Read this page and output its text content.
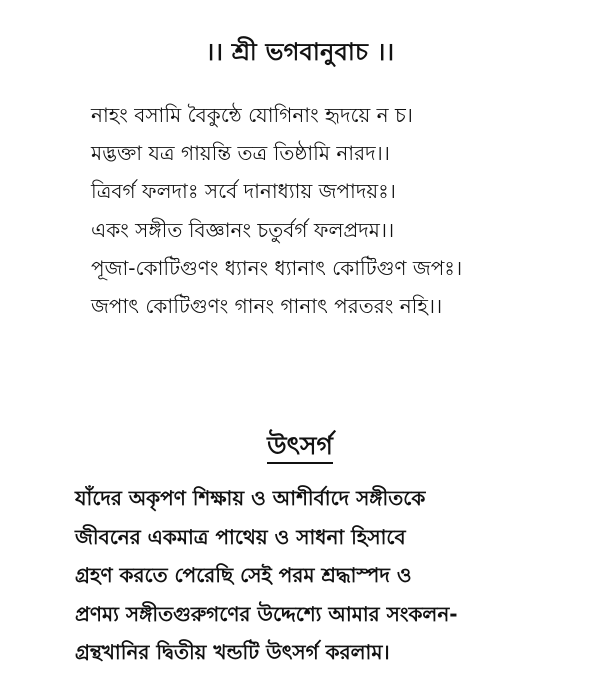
।। শ্রী ভগবানুবাচ ।।
নাহং বসামি বৈকুন্ঠে যোগিনাং হৃদয়ে ন চ।
মদ্ভক্তা যত্র গায়ন্তি তত্র তিষ্ঠামি নারদ।।
ত্রিবর্গ ফলদাঃ সর্বে দানাধ্যায় জপাদয়ঃ।
একং সঙ্গীত বিজ্ঞানং চতুর্বর্গ ফলপ্রদম।।
পূজা-কোটিগুণং ধ্যানং ধ্যানাৎ কোটিগুণ জপঃ।
জপাৎ কোটিগুণং গানং গানাৎ পরতরং নহি।।
উৎসর্গ
যাঁদের অকৃপণ শিক্ষায় ও আশীর্বাদে সঙ্গীতকে
জীবনের একমাত্র পাথেয় ও সাধনা হিসাবে
গ্রহণ করতে পেরেছি সেই পরম শ্রদ্ধাস্পদ ও
প্রণম্য সঙ্গীতগুরুগণের উদ্দেশ্যে আমার সংকলন-
গ্রন্থখানির দ্বিতীয় খন্ডটি উৎসর্গ করলাম।
